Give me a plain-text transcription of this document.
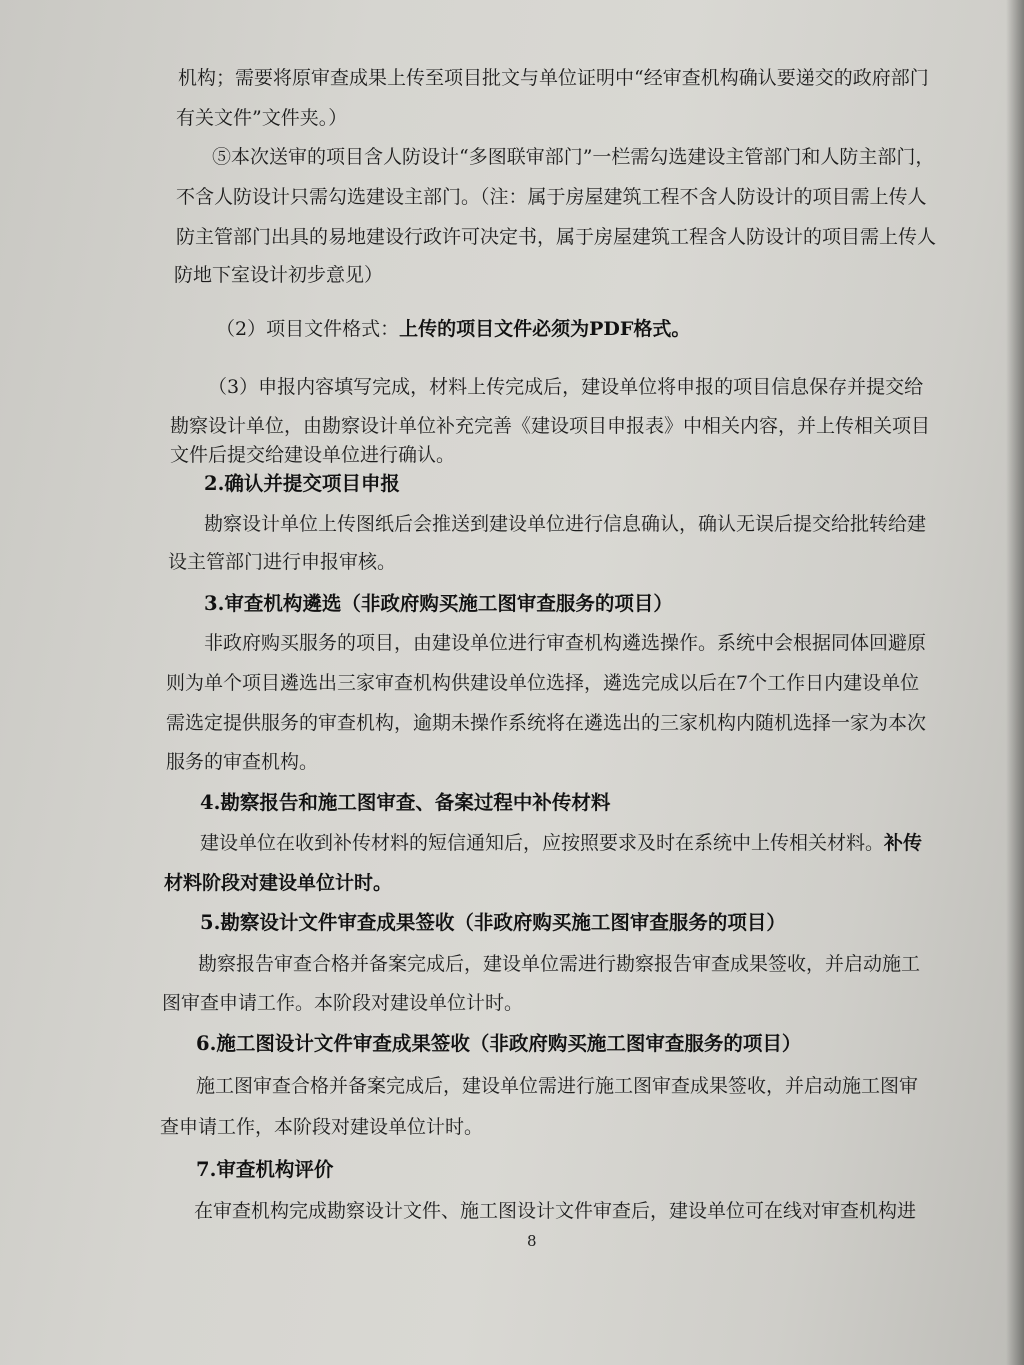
机构；需要将原审查成果上传至项目批文与单位证明中“经审查机构确认要递交的政府部门

有关文件”文件夹。）

⑤本次送审的项目含人防设计“多图联审部门”一栏需勾选建设主管部门和人防主部门，

不含人防设计只需勾选建设主部门。（注：属于房屋建筑工程不含人防设计的项目需上传人

防主管部门出具的易地建设行政许可决定书，属于房屋建筑工程含人防设计的项目需上传人

防地下室设计初步意见）

（2）项目文件格式：上传的项目文件必须为PDF格式。

（3）申报内容填写完成，材料上传完成后，建设单位将申报的项目信息保存并提交给

勘察设计单位，由勘察设计单位补充完善《建设项目申报表》中相关内容，并上传相关项目

文件后提交给建设单位进行确认。

2.确认并提交项目申报

勘察设计单位上传图纸后会推送到建设单位进行信息确认，确认无误后提交给批转给建

设主管部门进行申报审核。

3.审查机构遴选（非政府购买施工图审查服务的项目）

非政府购买服务的项目，由建设单位进行审查机构遴选操作。系统中会根据同体回避原

则为单个项目遴选出三家审查机构供建设单位选择，遴选完成以后在7个工作日内建设单位

需选定提供服务的审查机构，逾期未操作系统将在遴选出的三家机构内随机选择一家为本次

服务的审查机构。

4.勘察报告和施工图审查、备案过程中补传材料

建设单位在收到补传材料的短信通知后，应按照要求及时在系统中上传相关材料。补传

材料阶段对建设单位计时。

5.勘察设计文件审查成果签收（非政府购买施工图审查服务的项目）

勘察报告审查合格并备案完成后，建设单位需进行勘察报告审查成果签收，并启动施工

图审查申请工作。本阶段对建设单位计时。

6.施工图设计文件审查成果签收（非政府购买施工图审查服务的项目）

施工图审查合格并备案完成后，建设单位需进行施工图审查成果签收，并启动施工图审

查申请工作，本阶段对建设单位计时。

7.审查机构评价

在审查机构完成勘察设计文件、施工图设计文件审查后，建设单位可在线对审查机构进

8
